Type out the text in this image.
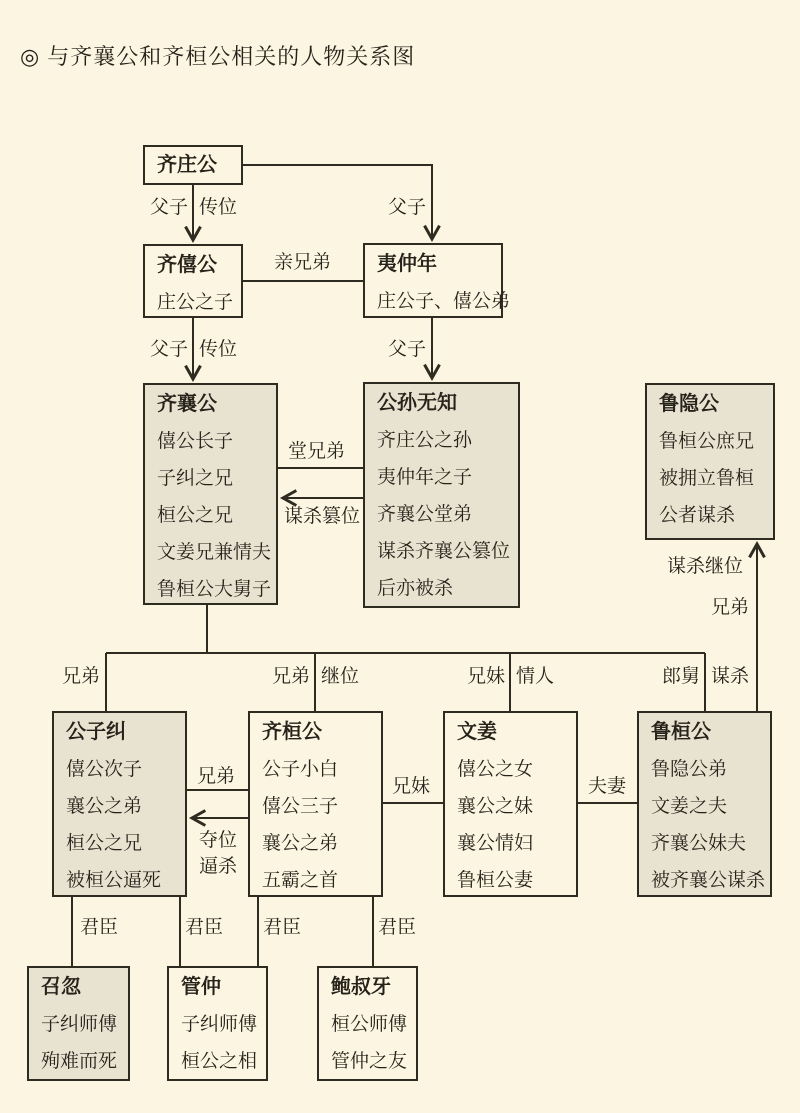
◎ 与齐襄公和齐桓公相关的人物关系图
齐庄公
齐僖公
庄公之子
夷仲年
庄公子、僖公弟
齐襄公
僖公长子
子纠之兄
桓公之兄
文姜兄兼情夫
鲁桓公大舅子
公孙无知
齐庄公之孙
夷仲年之子
齐襄公堂弟
谋杀齐襄公篡位
后亦被杀
鲁隐公
鲁桓公庶兄
被拥立鲁桓
公者谋杀
公子纠
僖公次子
襄公之弟
桓公之兄
被桓公逼死
齐桓公
公子小白
僖公三子
襄公之弟
五霸之首
文姜
僖公之女
襄公之妹
襄公情妇
鲁桓公妻
鲁桓公
鲁隐公弟
文姜之夫
齐襄公妹夫
被齐襄公谋杀
召忽
子纠师傅
殉难而死
管仲
子纠师傅
桓公之相
鲍叔牙
桓公师傅
管仲之友
父子 传位	父子
亲兄弟
父子 传位	父子
堂兄弟
谋杀篡位
兄弟	兄弟 继位	兄妹 情人	郎舅 谋杀
谋杀继位
兄弟
兄弟
夺位
逼杀
兄妹	夫妻
君臣	君臣 君臣	君臣
